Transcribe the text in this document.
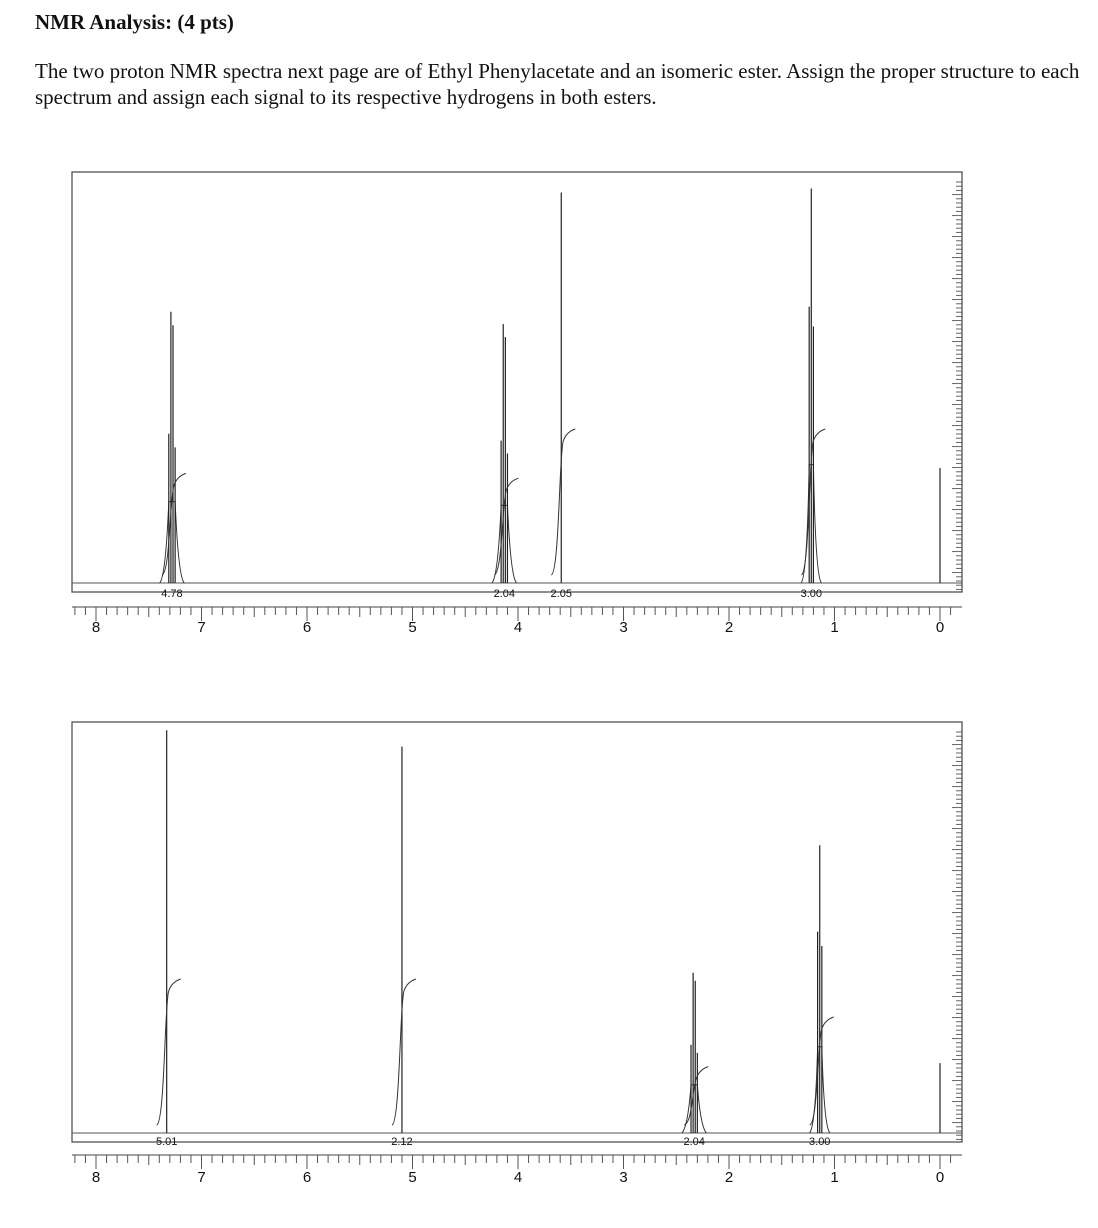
NMR Analysis: (4 pts)

The two proton NMR spectra next page are of Ethyl Phenylacetate and an isomeric ester. Assign the proper structure to each spectrum and assign each signal to its respective hydrogens in both esters.

8	7	6	5	4	3	2	1	0
4.78	2.04	2.05	3.00
8	7	6	5	4	3	2	1	0
5.01	2.12	2.04	3.00
